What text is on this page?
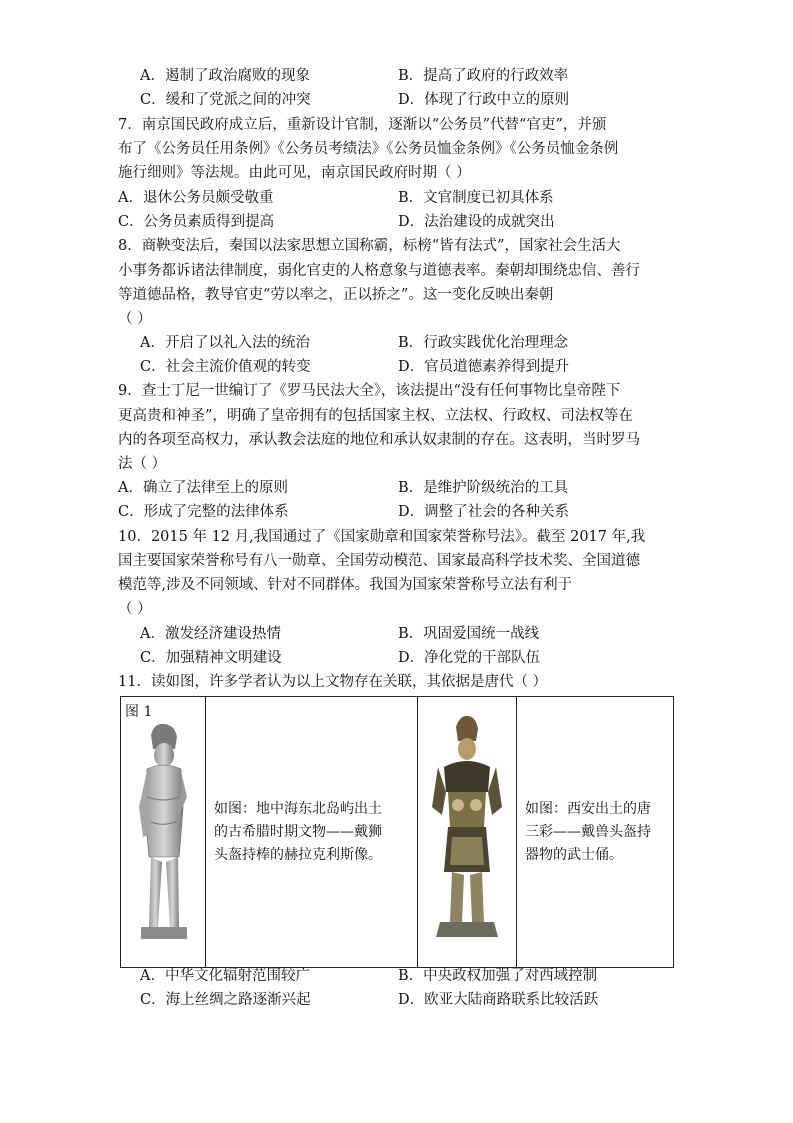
A．遏制了政治腐败的现象	B．提高了政府的行政效率
C．缓和了党派之间的冲突	D．体现了行政中立的原则
7．南京国民政府成立后，重新设计官制，逐渐以“公务员”代替“官吏”，并颁
布了《公务员任用条例》《公务员考绩法》《公务员恤金条例》《公务员恤金条例
施行细则》等法规。由此可见，南京国民政府时期（ ）
A．退休公务员颇受敬重	B．文官制度已初具体系
C．公务员素质得到提高	D．法治建设的成就突出
8．商鞅变法后，秦国以法家思想立国称霸，标榜“皆有法式”，国家社会生活大
小事务都诉诸法律制度，弱化官吏的人格意象与道德表率。秦朝却围绕忠信、善行
等道德品格，教导官吏“劳以率之，正以挢之”。这一变化反映出秦朝
（ ）
A．开启了以礼入法的统治	B．行政实践优化治理理念
C．社会主流价值观的转变	D．官员道德素养得到提升
9．查士丁尼一世编订了《罗马民法大全》，该法提出“没有任何事物比皇帝陛下
更高贵和神圣”，明确了皇帝拥有的包括国家主权、立法权、行政权、司法权等在
内的各项至高权力，承认教会法庭的地位和承认奴隶制的存在。这表明，当时罗马
法（ ）
A．确立了法律至上的原则	B．是维护阶级统治的工具
C．形成了完整的法律体系	D．调整了社会的各种关系
10．2015 年 12 月,我国通过了《国家勋章和国家荣誉称号法》。截至 2017 年,我
国主要国家荣誉称号有八一勋章、全国劳动模范、国家最高科学技术奖、全国道德
模范等,涉及不同领域、针对不同群体。我国为国家荣誉称号立法有利于
（ ）
A．激发经济建设热情	B．巩固爱国统一战线
C．加强精神文明建设	D．净化党的干部队伍
11．读如图，许多学者认为以上文物存在关联，其依据是唐代（ ）
图 1

如图：地中海东北岛屿出土
的古希腊时期文物——戴狮
头盔持棒的赫拉克利斯像。

如图：西安出土的唐
三彩——戴兽头盔持
器物的武士俑。
A．中华文化辐射范围较广	B．中央政权加强了对西域控制
C．海上丝绸之路逐渐兴起	D．欧亚大陆商路联系比较活跃
